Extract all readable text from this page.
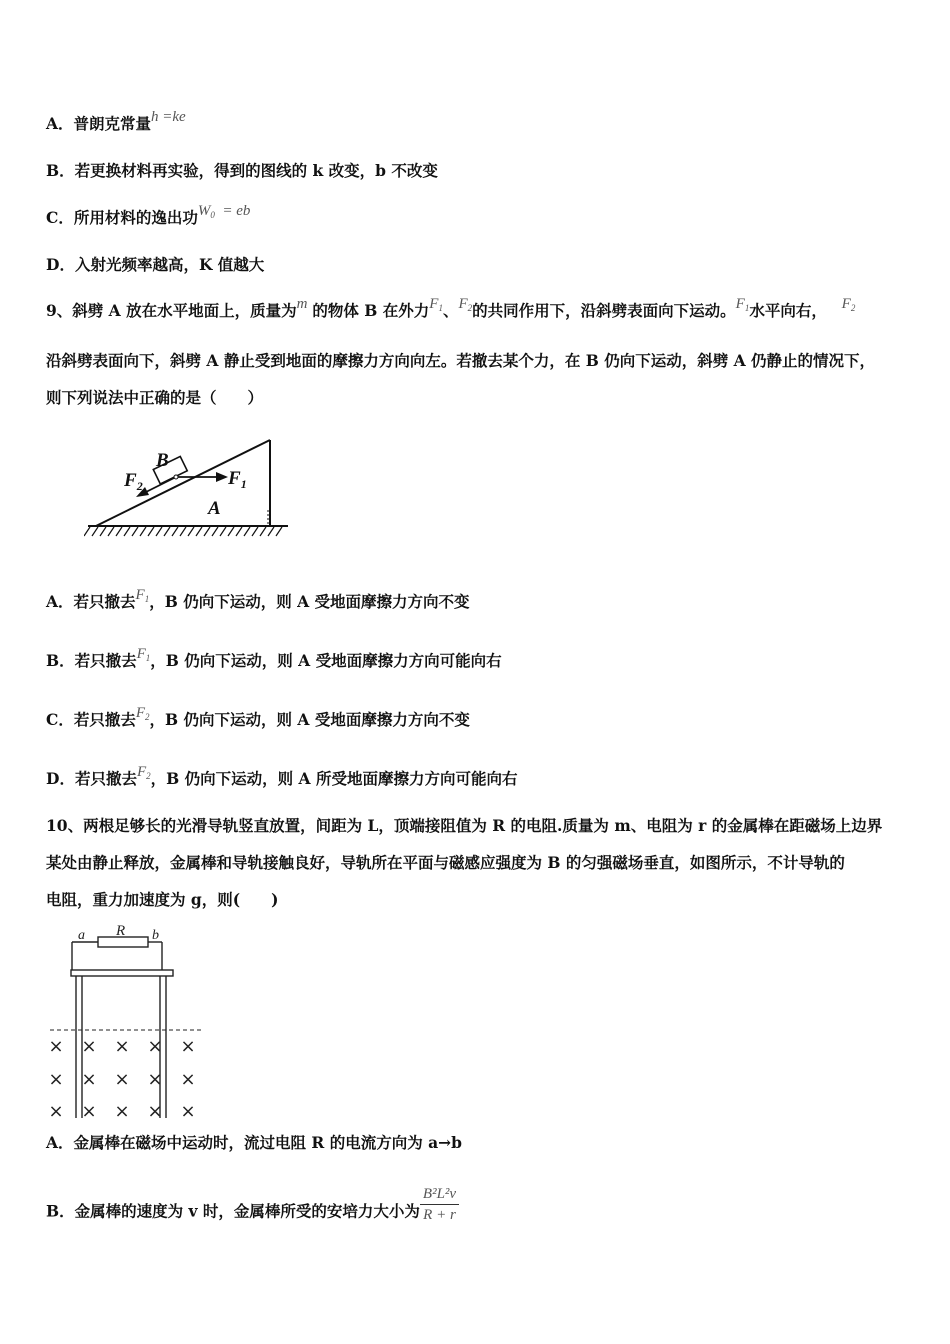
A．普朗克常量h =ke
B．若更换材料再实验，得到的图线的 k 改变，b 不改变
C．所用材料的逸出功$W_0$ = eb
D．入射光频率越高，K 值越大
9、斜劈 A 放在水平地面上，质量为m 的物体 B 在外力$F_1$、$F_2$的共同作用下，沿斜劈表面向下运动。$F_1$水平向右， $F_2$
沿斜劈表面向下，斜劈 A 静止受到地面的摩擦力方向向左。若撤去某个力，在 B 仍向下运动，斜劈 A 仍静止的情况下，
则下列说法中正确的是（　　）
B
$F_2$	$F_1$
A
A．若只撤去$F_1$，B 仍向下运动，则 A 受地面摩擦力方向不变
B．若只撤去$F_1$，B 仍向下运动，则 A 受地面摩擦力方向可能向右
C．若只撤去$F_2$，B 仍向下运动，则 A 受地面摩擦力方向不变
D．若只撤去$F_2$，B 仍向下运动，则 A 所受地面摩擦力方向可能向右
10、两根足够长的光滑导轨竖直放置，间距为 L，顶端接阻值为 R 的电阻.质量为 m、电阻为 r 的金属棒在距磁场上边界
某处由静止释放，金属棒和导轨接触良好，导轨所在平面与磁感应强度为 B 的匀强磁场垂直，如图所示，不计导轨的
电阻，重力加速度为 g，则(　　)
a R b
× × × × ×
× × × × ×
× × × × ×
A．金属棒在磁场中运动时，流过电阻 R 的电流方向为 a→b
B．金属棒的速度为 v 时，金属棒所受的安培力大小为 $\frac{\text{B²L²v}}{R + r}$
